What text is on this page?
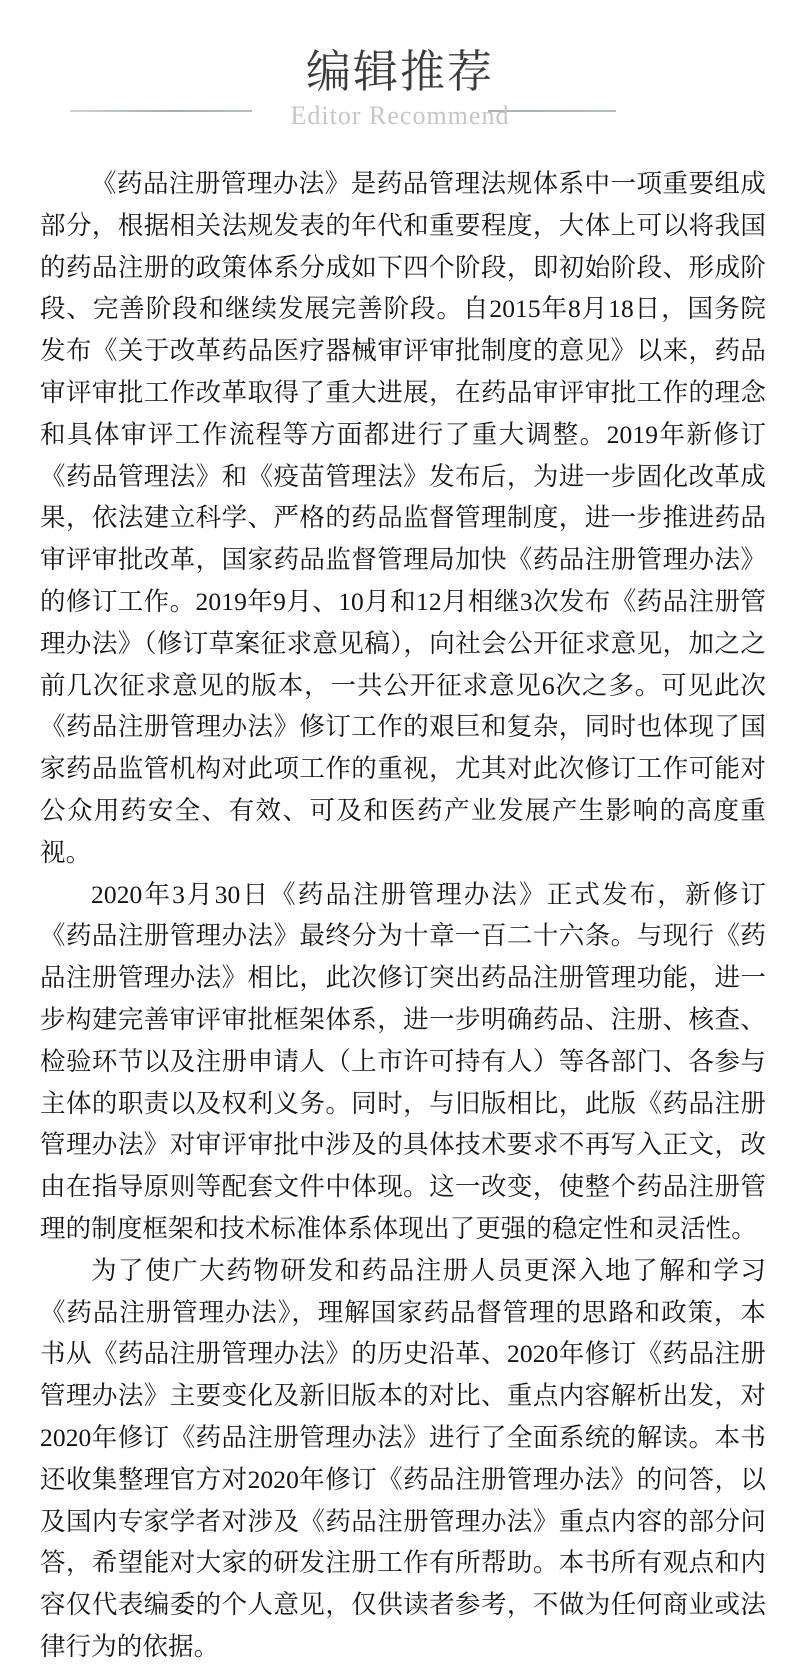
编辑推荐
Editor Recommend

《药品注册管理办法》是药品管理法规体系中一项重要组成部分，根据相关法规发表的年代和重要程度，大体上可以将我国的药品注册的政策体系分成如下四个阶段，即初始阶段、形成阶段、完善阶段和继续发展完善阶段。自2015年8月18日，国务院发布《关于改革药品医疗器械审评审批制度的意见》以来，药品审评审批工作改革取得了重大进展，在药品审评审批工作的理念和具体审评工作流程等方面都进行了重大调整。2019年新修订《药品管理法》和《疫苗管理法》发布后，为进一步固化改革成果，依法建立科学、严格的药品监督管理制度，进一步推进药品审评审批改革，国家药品监督管理局加快《药品注册管理办法》的修订工作。2019年9月、10月和12月相继3次发布《药品注册管理办法》（修订草案征求意见稿），向社会公开征求意见，加之之前几次征求意见的版本，一共公开征求意见6次之多。可见此次《药品注册管理办法》修订工作的艰巨和复杂，同时也体现了国家药品监管机构对此项工作的重视，尤其对此次修订工作可能对公众用药安全、有效、可及和医药产业发展产生影响的高度重视。

2020年3月30日《药品注册管理办法》正式发布，新修订《药品注册管理办法》最终分为十章一百二十六条。与现行《药品注册管理办法》相比，此次修订突出药品注册管理功能，进一步构建完善审评审批框架体系，进一步明确药品、注册、核查、检验环节以及注册申请人（上市许可持有人）等各部门、各参与主体的职责以及权利义务。同时，与旧版相比，此版《药品注册管理办法》对审评审批中涉及的具体技术要求不再写入正文，改由在指导原则等配套文件中体现。这一改变，使整个药品注册管理的制度框架和技术标准体系体现出了更强的稳定性和灵活性。

为了使广大药物研发和药品注册人员更深入地了解和学习《药品注册管理办法》，理解国家药品督管理的思路和政策，本书从《药品注册管理办法》的历史沿革、2020年修订《药品注册管理办法》主要变化及新旧版本的对比、重点内容解析出发，对2020年修订《药品注册管理办法》进行了全面系统的解读。本书还收集整理官方对2020年修订《药品注册管理办法》的问答，以及国内专家学者对涉及《药品注册管理办法》重点内容的部分问答，希望能对大家的研发注册工作有所帮助。本书所有观点和内容仅代表编委的个人意见，仅供读者参考，不做为任何商业或法律行为的依据。
